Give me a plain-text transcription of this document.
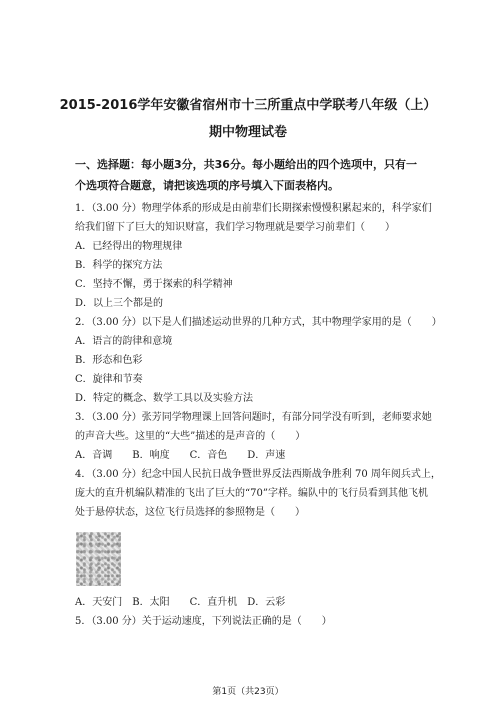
2015-2016学年安徽省宿州市十三所重点中学联考八年级（上）
期中物理试卷
一、选择题：每小题3分，共36分。每小题给出的四个选项中，只有一个选项符合题意，请把该选项的序号填入下面表格内。
1．（3.00 分）物理学体系的形成是由前辈们长期探索慢慢积累起来的，科学家们
给我们留下了巨大的知识财富，我们学习物理就是要学习前辈们（　　）
A．已经得出的物理规律
B．科学的探究方法
C．坚持不懈，勇于探索的科学精神
D．以上三个都是的
2．（3.00 分）以下是人们描述运动世界的几种方式，其中物理学家用的是（　　）
A．语言的韵律和意境
B．形态和色彩
C．旋律和节奏
D．特定的概念、数学工具以及实验方法
3．（3.00 分）张芳同学物理课上回答问题时，有部分同学没有听到，老师要求她
的声音大些。这里的“大些”描述的是声音的（　　）
A．音调　　B．响度　　C．音色　　D．声速
4．（3.00 分）纪念中国人民抗日战争暨世界反法西斯战争胜利 70 周年阅兵式上，
庞大的直升机编队精准的飞出了巨大的“70”字样。编队中的飞行员看到其他飞机
处于悬停状态，这位飞行员选择的参照物是（　　）
A．天安门　B．太阳　　C．直升机　D．云彩
5．（3.00 分）关于运动速度，下列说法正确的是（　　）
第1页（共23页）
